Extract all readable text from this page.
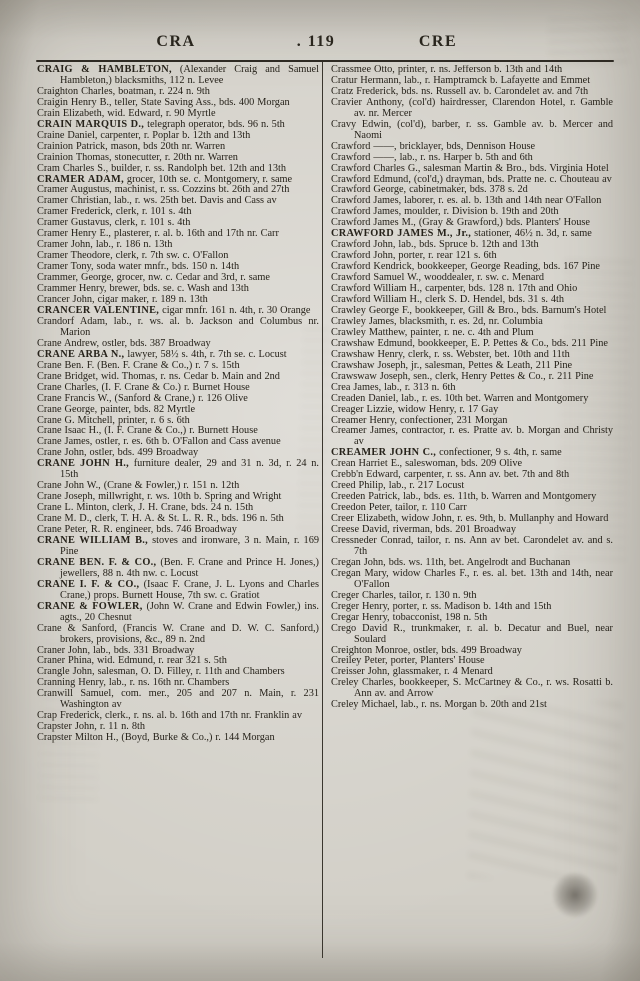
CRA	. 119	CRE
CRAIG & HAMBLETON, (Alexander Craig and Samuel Hambleton,) blacksmiths, 112 n. Levee
Craighton Charles, boatman, r. 224 n. 9th
Craigin Henry B., teller, State Saving Ass., bds. 400 Morgan
Crain Elizabeth, wid. Edward, r. 90 Myrtle
CRAIN MARQUIS D., telegraph operator, bds. 96 n. 5th
Craine Daniel, carpenter, r. Poplar b. 12th and 13th
Crainion Patrick, mason, bds 20th nr. Warren
Crainion Thomas, stonecutter, r. 20th nr. Warren
Cram Charles S., builder, r. ss. Randolph bet. 12th and 13th
CRAMER ADAM, grocer, 10th se. c. Montgomery, r. same
Cramer Augustus, machinist, r. ss. Cozzins bt. 26th and 27th
Cramer Christian, lab., r. ws. 25th bet. Davis and Cass av
Cramer Frederick, clerk, r. 101 s. 4th
Cramer Gustavus, clerk, r. 101 s. 4th
Cramer Henry E., plasterer, r. al. b. 16th and 17th nr. Carr
Cramer John, lab., r. 186 n. 13th
Cramer Theodore, clerk, r. 7th sw. c. O'Fallon
Cramer Tony, soda water mnfr., bds. 150 n. 14th
Crammer, George, grocer, nw. c. Cedar and 3rd, r. same
Crammer Henry, brewer, bds. se. c. Wash and 13th
Crancer John, cigar maker, r. 189 n. 13th
CRANCER VALENTINE, cigar mnfr. 161 n. 4th, r. 30 Orange
Crandorf Adam, lab., r. ws. al. b. Jackson and Columbus nr. Marion
Crane Andrew, ostler, bds. 387 Broadway
CRANE ARBA N., lawyer, 58½ s. 4th, r. 7th se. c. Locust
Crane Ben. F. (Ben. F. Crane & Co.,) r. 7 s. 15th
Crane Bridget, wid. Thomas, r. ns. Cedar b. Main and 2nd
Crane Charles, (I. F. Crane & Co.) r. Burnet House
Crane Francis W., (Sanford & Crane,) r. 126 Olive
Crane George, painter, bds. 82 Myrtle
Crane G. Mitchell, printer, r. 6 s. 6th
Crane Isaac H., (I. F. Crane & Co.,) r. Burnett House
Crane James, ostler, r. es. 6th b. O'Fallon and Cass avenue
Crane John, ostler, bds. 499 Broadway
CRANE JOHN H., furniture dealer, 29 and 31 n. 3d, r. 24 n. 15th
Crane John W., (Crane & Fowler,) r. 151 n. 12th
Crane Joseph, millwright, r. ws. 10th b. Spring and Wright
Crane L. Minton, clerk, J. H. Crane, bds. 24 n. 15th
Crane M. D., clerk, T. H. A. & St. L. R. R., bds. 196 n. 5th
Crane Peter, R. R. engineer, bds. 746 Broadway
CRANE WILLIAM B., stoves and ironware, 3 n. Main, r. 169 Pine
CRANE BEN. F. & CO., (Ben. F. Crane and Prince H. Jones,) jewellers, 88 n. 4th nw. c. Locust
CRANE I. F. & CO., (Isaac F. Crane, J. L. Lyons and Charles Crane,) props. Burnett House, 7th sw. c. Gratiot
CRANE & FOWLER, (John W. Crane and Edwin Fowler,) ins. agts., 20 Chesnut
Crane & Sanford, (Francis W. Crane and D. W. C. Sanford,) brokers, provisions, &c., 89 n. 2nd
Craner John, lab., bds. 331 Broadway
Craner Phina, wid. Edmund, r. rear 321 s. 5th
Crangle John, salesman, O. D. Filley, r. 11th and Chambers
Cranning Henry, lab., r. ns. 16th nr. Chambers
Cranwill Samuel, com. mer., 205 and 207 n. Main, r. 231 Washington av
Crap Frederick, clerk., r. ns. al. b. 16th and 17th nr. Franklin av
Crapster John, r. 11 n. 8th
Crapster Milton H., (Boyd, Burke & Co.,) r. 144 Morgan
Crassmee Otto, printer, r. ns. Jefferson b. 13th and 14th
Cratur Hermann, lab., r. Hamptramck b. Lafayette and Emmet
Cratz Frederick, bds. ns. Russell av. b. Carondelet av. and 7th
Cravier Anthony, (col'd) hairdresser, Clarendon Hotel, r. Gamble av. nr. Mercer
Cravy Edwin, (col'd), barber, r. ss. Gamble av. b. Mercer and Naomi
Crawford ——, bricklayer, bds, Dennison House
Crawford ——, lab., r. ns. Harper b. 5th and 6th
Crawford Charles G., salesman Martin & Bro., bds. Virginia Hotel
Crawford Edmund, (col'd,) drayman, bds. Pratte ne. c. Chouteau av
Crawford George, cabinetmaker, bds. 378 s. 2d
Crawford James, laborer, r. es. al. b. 13th and 14th near O'Fallon
Crawford James, moulder, r. Division b. 19th and 20th
Crawford James M., (Gray & Grawford,) bds. Planters' House
CRAWFORD JAMES M., Jr., stationer, 46½ n. 3d, r. same
Crawford John, lab., bds. Spruce b. 12th and 13th
Crawford John, porter, r. rear 121 s. 6th
Crawford Kendrick, bookkeeper, George Reading, bds. 167 Pine
Crawford Samuel W., wooddealer, r. sw. c. Menard
Crawford William H., carpenter, bds. 128 n. 17th and Ohio
Crawford William H., clerk S. D. Hendel, bds. 31 s. 4th
Crawley George F., bookkeeper, Gill & Bro., bds. Barnum's Hotel
Crawley James, blacksmith, r. es. 2d, nr. Columbia
Crawley Matthew, painter, r. ne. c. 4th and Plum
Crawshaw Edmund, bookkeeper, E. P. Pettes & Co., bds. 211 Pine
Crawshaw Henry, clerk, r. ss. Webster, bet. 10th and 11th
Crawshaw Joseph, jr., salesman, Pettes & Leath, 211 Pine
Crawswaw Joseph, sen., clerk, Henry Pettes & Co., r. 211 Pine
Crea James, lab., r. 313 n. 6th
Creaden Daniel, lab., r. es. 10th bet. Warren and Montgomery
Creager Lizzie, widow Henry, r. 17 Gay
Creamer Henry, confectioner, 231 Morgan
Creamer James, contractor, r. es. Pratte av. b. Morgan and Christy av
CREAMER JOHN C., confectioner, 9 s. 4th, r. same
Crean Harriet E., saleswoman, bds. 209 Olive
Crebb'n Edward, carpenter, r. ss. Ann av. bet. 7th and 8th
Creed Philip, lab., r. 217 Locust
Creeden Patrick, lab., bds. es. 11th, b. Warren and Montgomery
Creedon Peter, tailor, r. 110 Carr
Creer Elizabeth, widow John, r. es. 9th, b. Mullanphy and Howard
Creese David, riverman, bds. 201 Broadway
Cressneder Conrad, tailor, r. ns. Ann av bet. Carondelet av. and s. 7th
Cregan John, bds. ws. 11th, bet. Angelrodt and Buchanan
Cregan Mary, widow Charles F., r. es. al. bet. 13th and 14th, near O'Fallon
Creger Charles, tailor, r. 130 n. 9th
Creger Henry, porter, r. ss. Madison b. 14th and 15th
Cregar Henry, tobacconist, 198 n. 5th
Crego David R., trunkmaker, r. al. b. Decatur and Buel, near Soulard
Creighton Monroe, ostler, bds. 499 Broadway
Creiley Peter, porter, Planters' House
Creisser John, glassmaker, r. 4 Menard
Creley Charles, bookkeeper, S. McCartney & Co., r. ws. Rosatti b. Ann av. and Arrow
Creley Michael, lab., r. ns. Morgan b. 20th and 21st
